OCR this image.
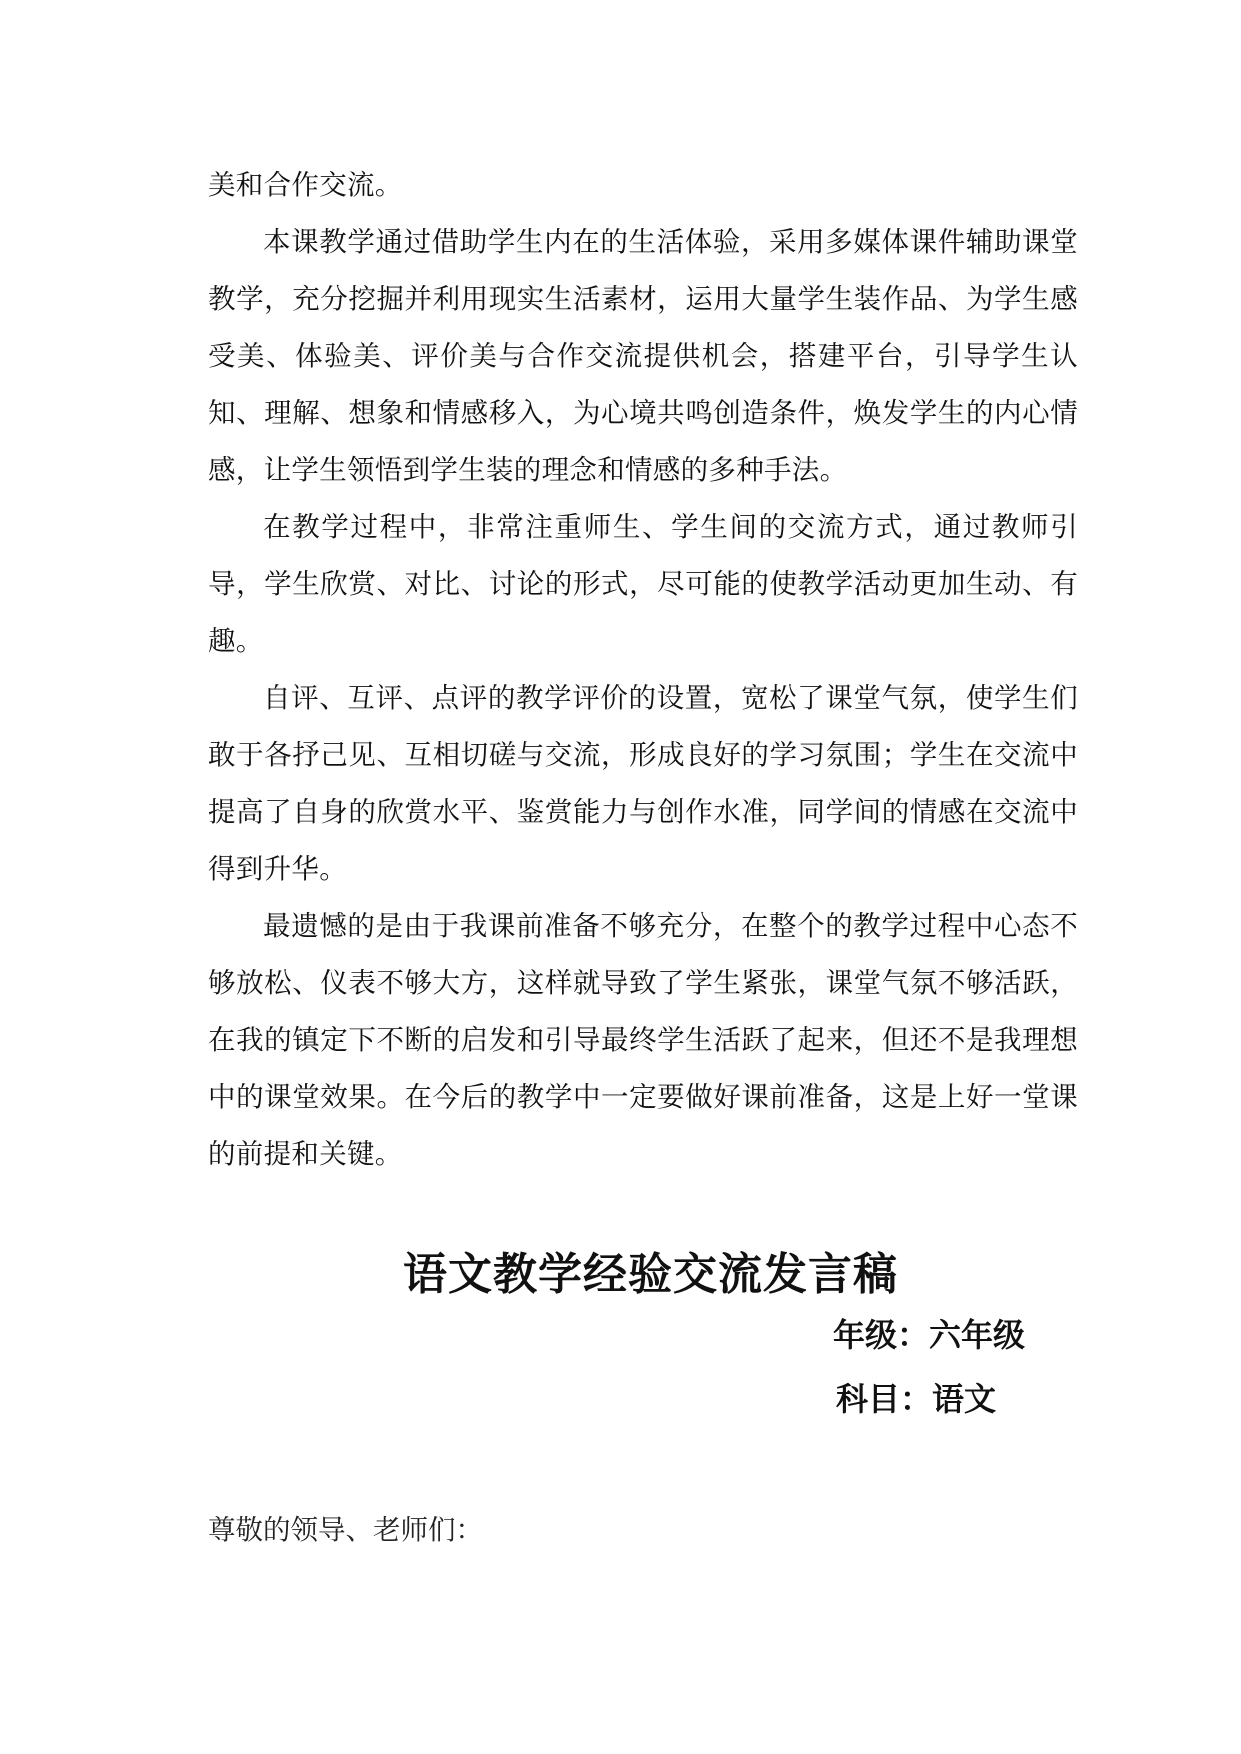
美和合作交流。

本课教学通过借助学生内在的生活体验，采用多媒体课件辅助课堂教学，充分挖掘并利用现实生活素材，运用大量学生装作品、为学生感受美、体验美、评价美与合作交流提供机会，搭建平台，引导学生认知、理解、想象和情感移入，为心境共鸣创造条件，焕发学生的内心情感，让学生领悟到学生装的理念和情感的多种手法。

在教学过程中，非常注重师生、学生间的交流方式，通过教师引导，学生欣赏、对比、讨论的形式，尽可能的使教学活动更加生动、有趣。

自评、互评、点评的教学评价的设置，宽松了课堂气氛，使学生们敢于各抒己见、互相切磋与交流，形成良好的学习氛围；学生在交流中提高了自身的欣赏水平、鉴赏能力与创作水准，同学间的情感在交流中得到升华。

最遗憾的是由于我课前准备不够充分，在整个的教学过程中心态不够放松、仪表不够大方，这样就导致了学生紧张，课堂气氛不够活跃，在我的镇定下不断的启发和引导最终学生活跃了起来，但还不是我理想中的课堂效果。在今后的教学中一定要做好课前准备，这是上好一堂课的前提和关键。

语文教学经验交流发言稿
年级：六年级
科目：语文

尊敬的领导、老师们：
